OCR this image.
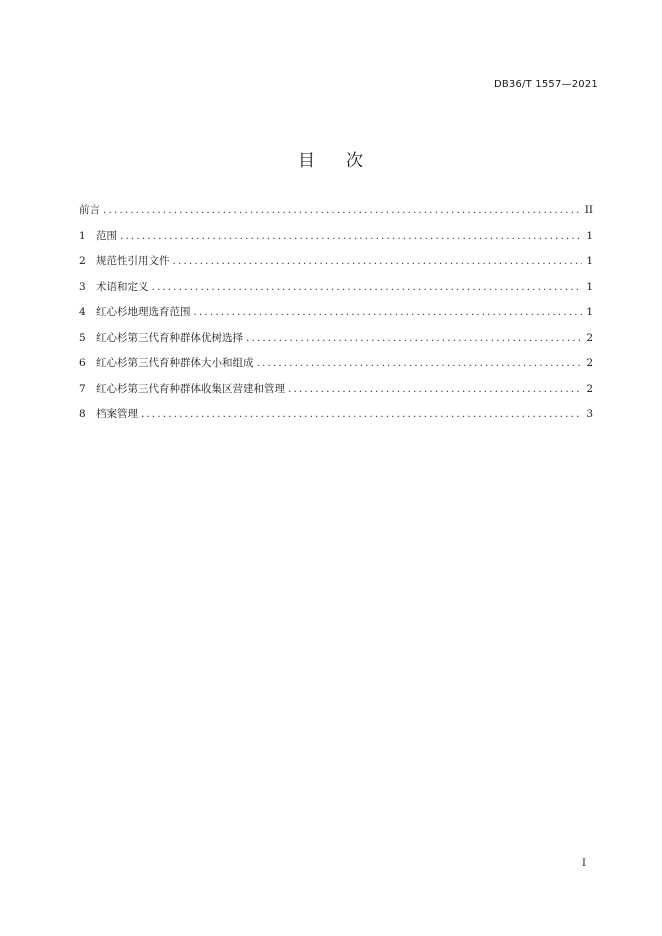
DB36/T 1557—2021
目 次
前言 .....	II
1 范围 .....	1
2 规范性引用文件 .....	1
3 术语和定义 .....	1
4 红心杉地理选育范围 .....	1
5 红心杉第三代育种群体优树选择 .....	2
6 红心杉第三代育种群体大小和组成 .....	2
7 红心杉第三代育种群体收集区营建和管理 .....	2
8 档案管理 .....	3
I
